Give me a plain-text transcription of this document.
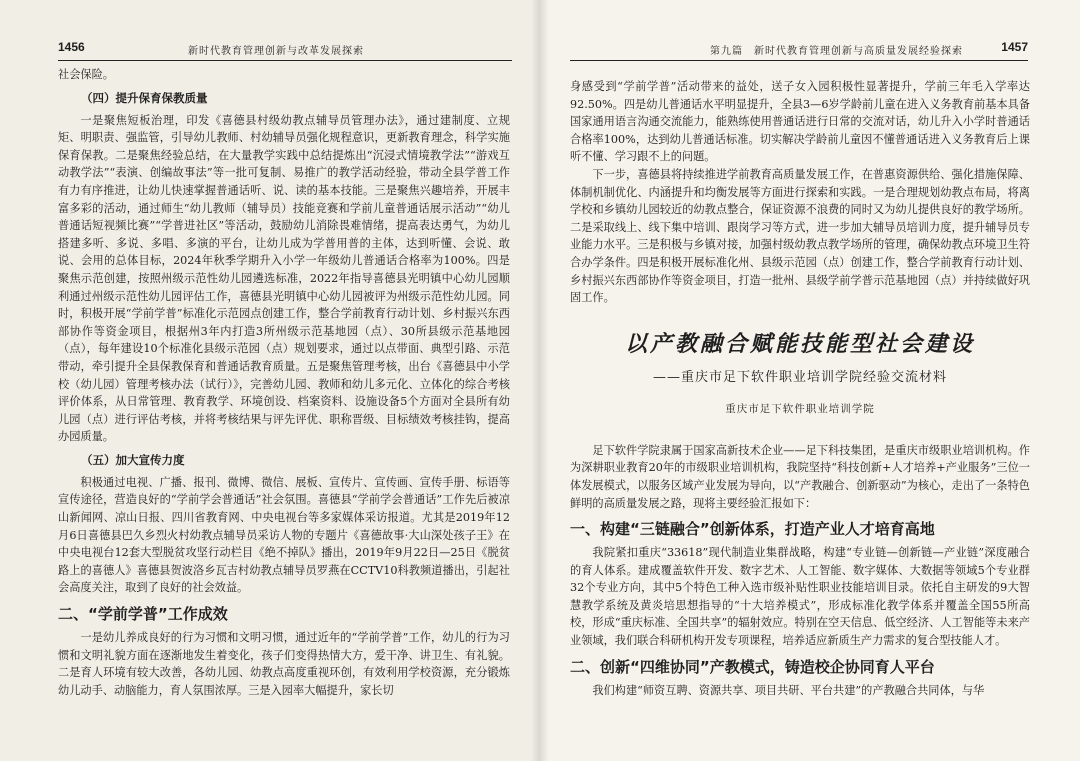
1456	新时代教育管理创新与改革发展探索

社会保险。

（四）提升保育保教质量

一是聚焦短板治理，印发《喜德县村级幼教点辅导员管理办法》，通过建制度、立规矩、明职责、强监管，引导幼儿教师、村幼辅导员强化规程意识，更新教育理念，科学实施保育保教。二是聚焦经验总结，在大量教学实践中总结提炼出“沉浸式情境教学法”“游戏互动教学法”“表演、创编故事法”等一批可复制、易推广的教学活动经验，带动全县学普工作有力有序推进，让幼儿快速掌握普通话听、说、读的基本技能。三是聚焦兴趣培养，开展丰富多彩的活动，通过师生“幼儿教师（辅导员）技能竞赛和学前儿童普通话展示活动”“幼儿普通话短视频比赛”“学普进社区”等活动，鼓励幼儿消除畏难情绪，提高表达勇气，为幼儿搭建多听、多说、多唱、多演的平台，让幼儿成为学普用普的主体，达到听懂、会说、敢说、会用的总体目标，2024年秋季学期升入小学一年级幼儿普通话合格率为100%。四是聚焦示范创建，按照州级示范性幼儿园遴选标准，2022年指导喜德县光明镇中心幼儿园顺利通过州级示范性幼儿园评估工作，喜德县光明镇中心幼儿园被评为州级示范性幼儿园。同时，积极开展“学前学普”标准化示范园点创建工作，整合学前教育行动计划、乡村振兴东西部协作等资金项目，根据州3年内打造3所州级示范基地园（点）、30所县级示范基地园（点），每年建设10个标准化县级示范园（点）规划要求，通过以点带面、典型引路、示范带动，牵引提升全县保教保育和普通话教育质量。五是聚焦管理考核，出台《喜德县中小学校（幼儿园）管理考核办法（试行）》，完善幼儿园、教师和幼儿多元化、立体化的综合考核评价体系，从日常管理、教育教学、环境创设、档案资料、设施设备5个方面对全县所有幼儿园（点）进行评估考核，并将考核结果与评先评优、职称晋级、目标绩效考核挂钩，提高办园质量。

（五）加大宣传力度

积极通过电视、广播、报刊、微博、微信、展板、宣传片、宣传画、宣传手册、标语等宣传途径，营造良好的“学前学会普通话”社会氛围。喜德县“学前学会普通话”工作先后被凉山新闻网、凉山日报、四川省教育网、中央电视台等多家媒体采访报道。尤其是2019年12月6日喜德县巴久乡烈火村幼教点辅导员采访人物的专题片《喜德故事·大山深处孩子王》在中央电视台12套大型脱贫攻坚行动栏目《绝不掉队》播出，2019年9月22日—25日《脱贫路上的喜德人》喜德县贺波洛乡瓦吉村幼教点辅导员罗燕在CCTV10科教频道播出，引起社会高度关注，取到了良好的社会效益。

二、“学前学普”工作成效

一是幼儿养成良好的行为习惯和文明习惯，通过近年的“学前学普”工作，幼儿的行为习惯和文明礼貌方面在逐渐地发生着变化，孩子们变得热情大方，爱干净、讲卫生、有礼貌。二是育人环境有较大改善，各幼儿园、幼教点高度重视环创，有效利用学校资源，充分锻炼幼儿动手、动脑能力，育人氛围浓厚。三是入园率大幅提升，家长切

第九篇　新时代教育管理创新与高质量发展经验探索	1457

身感受到“学前学普”活动带来的益处，送子女入园积极性显著提升，学前三年毛入学率达92.50%。四是幼儿普通话水平明显提升，全县3—6岁学龄前儿童在进入义务教育前基本具备国家通用语言沟通交流能力，能熟练使用普通话进行日常的交流对话，幼儿升入小学时普通话合格率100%，达到幼儿普通话标准。切实解决学龄前儿童因不懂普通话进入义务教育后上课听不懂、学习跟不上的问题。

下一步，喜德县将持续推进学前教育高质量发展工作，在普惠资源供给、强化措施保障、体制机制优化、内涵提升和均衡发展等方面进行探索和实践。一是合理规划幼教点布局，将离学校和乡镇幼儿园较近的幼教点整合，保证资源不浪费的同时又为幼儿提供良好的教学场所。二是采取线上、线下集中培训、跟岗学习等方式，进一步加大辅导员培训力度，提升辅导员专业能力水平。三是积极与乡镇对接，加强村级幼教点教学场所的管理，确保幼教点环境卫生符合办学条件。四是积极开展标准化州、县级示范园（点）创建工作，整合学前教育行动计划、乡村振兴东西部协作等资金项目，打造一批州、县级学前学普示范基地园（点）并持续做好巩固工作。

以产教融合赋能技能型社会建设
——重庆市足下软件职业培训学院经验交流材料
重庆市足下软件职业培训学院

足下软件学院隶属于国家高新技术企业——足下科技集团，是重庆市级职业培训机构。作为深耕职业教育20年的市级职业培训机构，我院坚持“科技创新+人才培养+产业服务”三位一体发展模式，以服务区域产业发展为导向，以“产教融合、创新驱动”为核心，走出了一条特色鲜明的高质量发展之路，现将主要经验汇报如下：

一、构建“三链融合”创新体系，打造产业人才培育高地

我院紧扣重庆“33618”现代制造业集群战略，构建“专业链—创新链—产业链”深度融合的育人体系。建成覆盖软件开发、数字艺术、人工智能、数字媒体、大数据等领域5个专业群32个专业方向，其中5个特色工种入选市级补贴性职业技能培训目录。依托自主研发的9大智慧教学系统及黄炎培思想指导的“十大培养模式”，形成标准化教学体系并覆盖全国55所高校，形成“重庆标准、全国共享”的辐射效应。特别在空天信息、低空经济、人工智能等未来产业领域，我们联合科研机构开发专项课程，培养适应新质生产力需求的复合型技能人才。

二、创新“四维协同”产教模式，铸造校企协同育人平台

我们构建“师资互聘、资源共享、项目共研、平台共建”的产教融合共同体，与华
